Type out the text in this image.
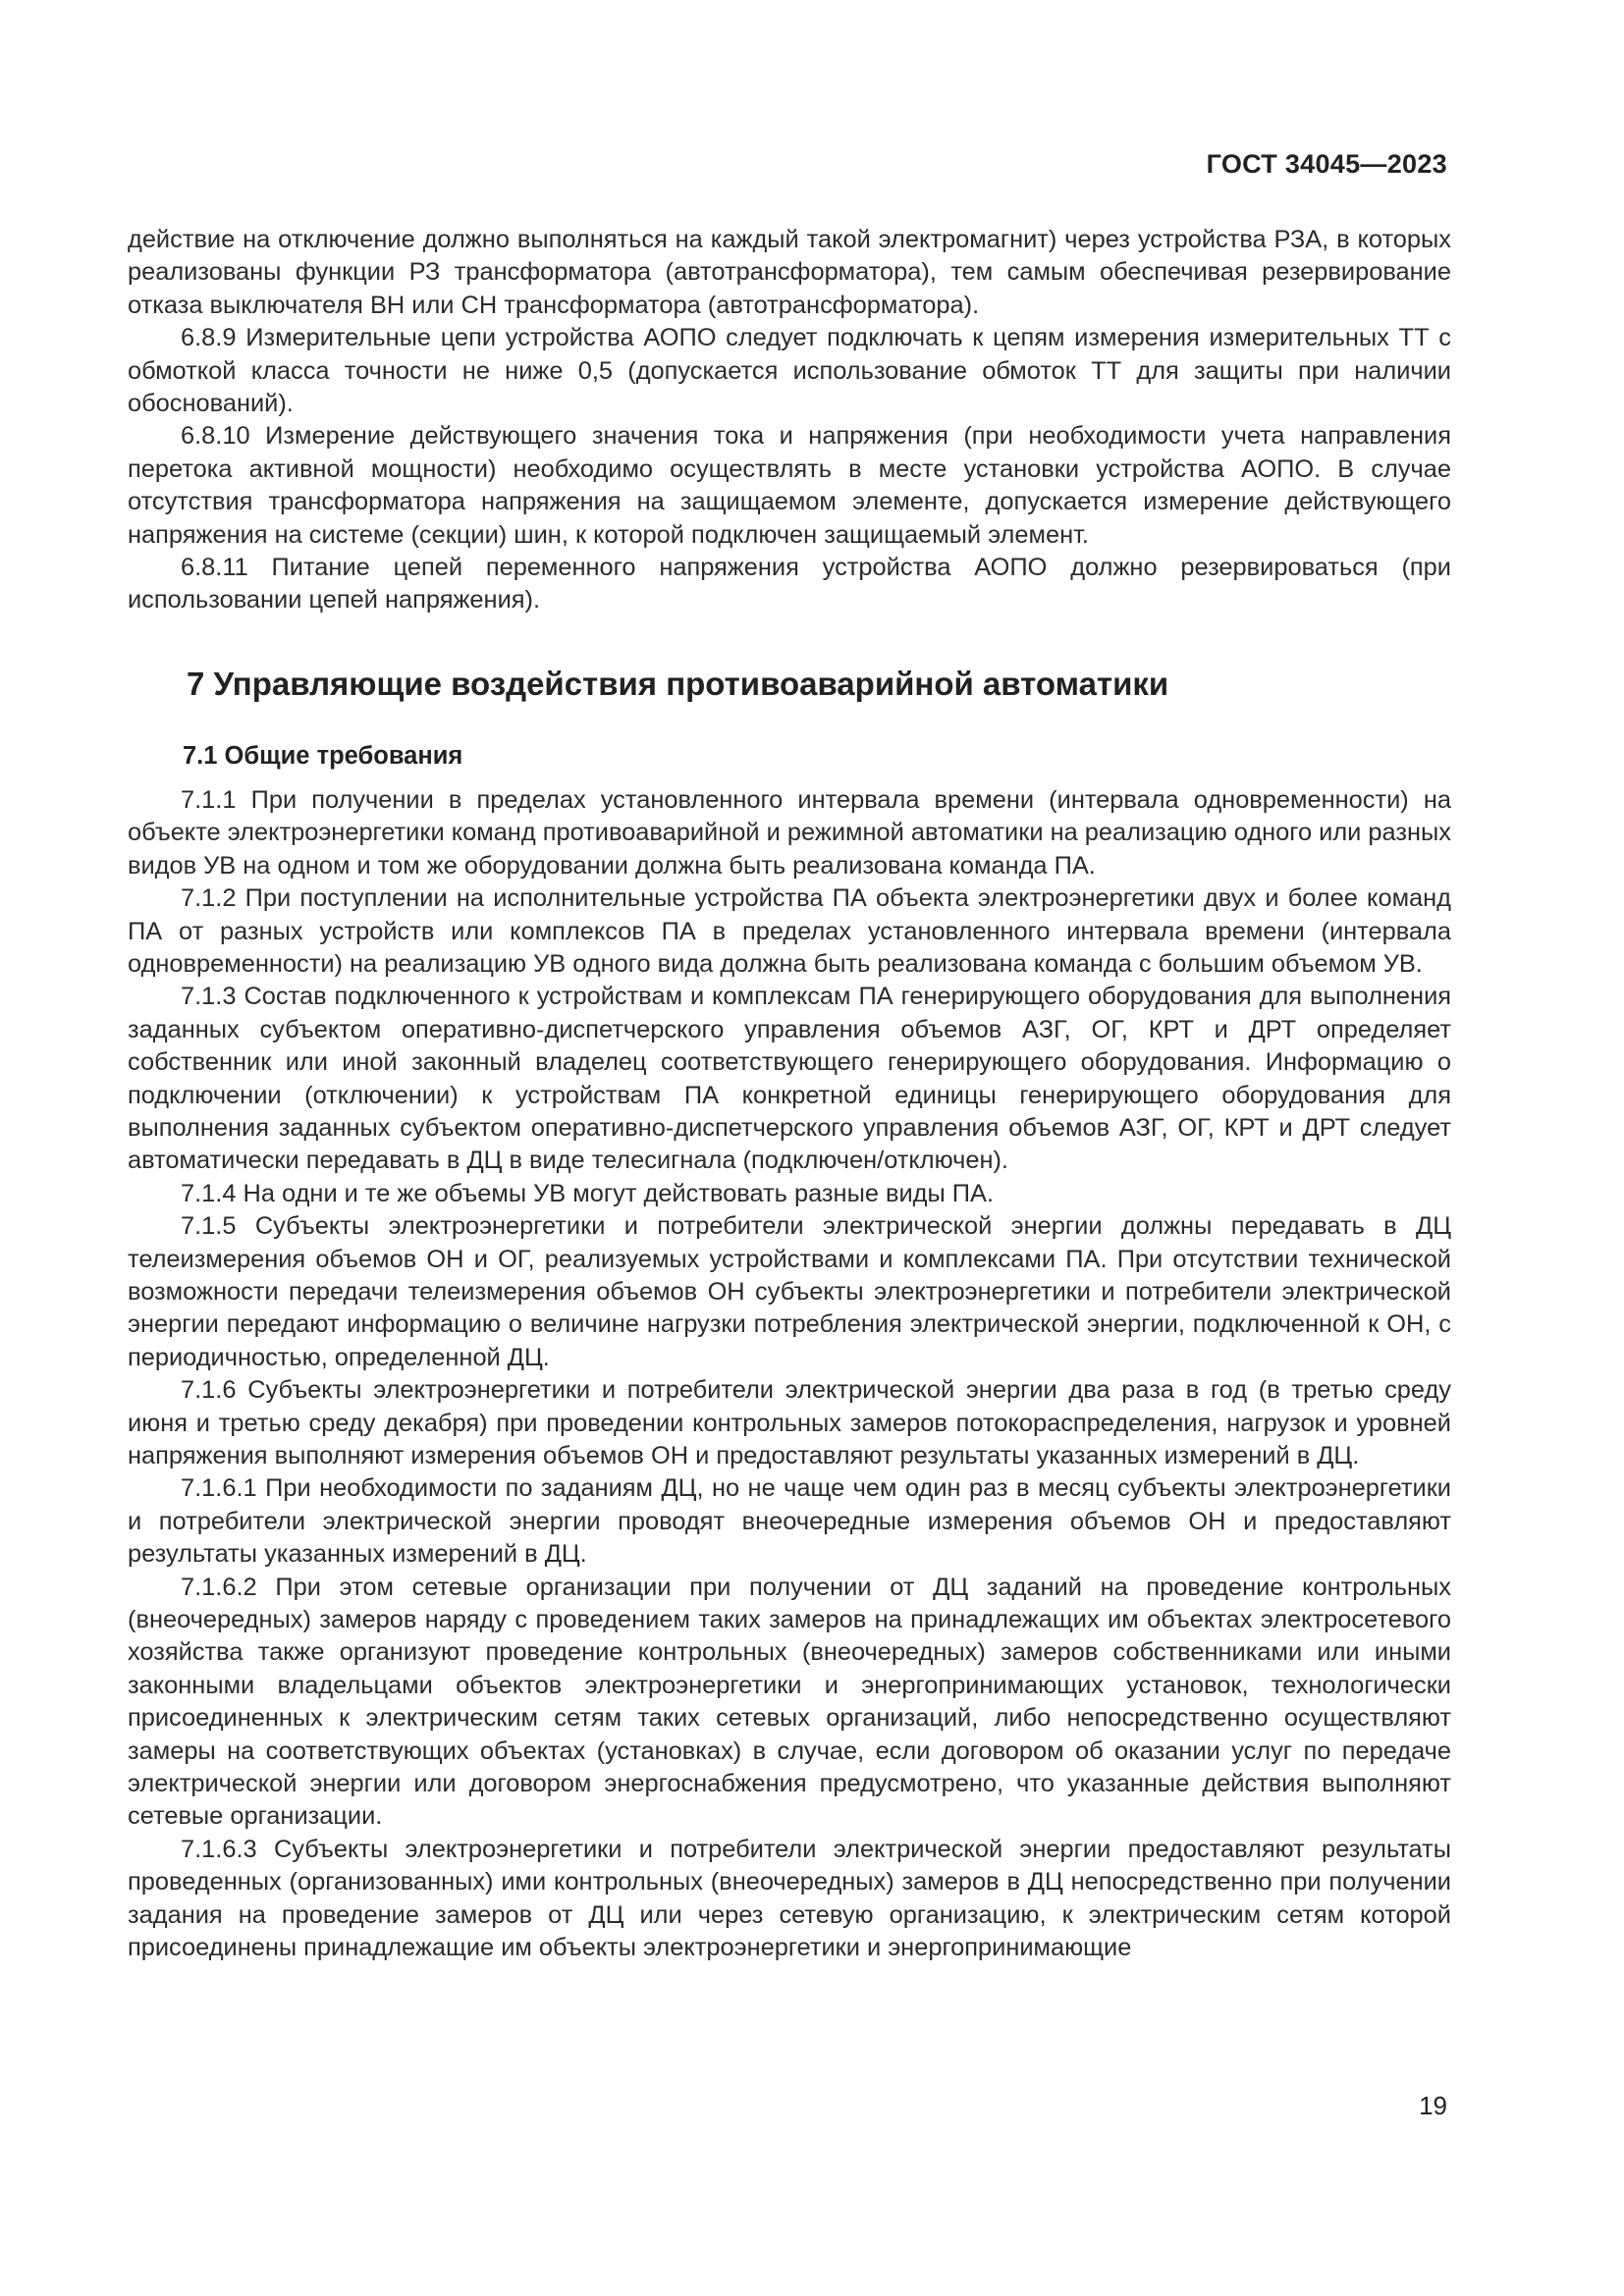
ГОСТ 34045—2023

действие на отключение должно выполняться на каждый такой электромагнит) через устройства РЗА, в которых реализованы функции РЗ трансформатора (автотрансформатора), тем самым обеспечивая резервирование отказа выключателя ВН или СН трансформатора (автотрансформатора).

6.8.9 Измерительные цепи устройства АОПО следует подключать к цепям измерения измерительных ТТ с обмоткой класса точности не ниже 0,5 (допускается использование обмоток ТТ для защиты при наличии обоснований).

6.8.10 Измерение действующего значения тока и напряжения (при необходимости учета направления перетока активной мощности) необходимо осуществлять в месте установки устройства АОПО. В случае отсутствия трансформатора напряжения на защищаемом элементе, допускается измерение действующего напряжения на системе (секции) шин, к которой подключен защищаемый элемент.

6.8.11 Питание цепей переменного напряжения устройства АОПО должно резервироваться (при использовании цепей напряжения).

7 Управляющие воздействия противоаварийной автоматики
7.1 Общие требования

7.1.1 При получении в пределах установленного интервала времени (интервала одновременности) на объекте электроэнергетики команд противоаварийной и режимной автоматики на реализацию одного или разных видов УВ на одном и том же оборудовании должна быть реализована команда ПА.

7.1.2 При поступлении на исполнительные устройства ПА объекта электроэнергетики двух и более команд ПА от разных устройств или комплексов ПА в пределах установленного интервала времени (интервала одновременности) на реализацию УВ одного вида должна быть реализована команда с большим объемом УВ.

7.1.3 Состав подключенного к устройствам и комплексам ПА генерирующего оборудования для выполнения заданных субъектом оперативно-диспетчерского управления объемов АЗГ, ОГ, КРТ и ДРТ определяет собственник или иной законный владелец соответствующего генерирующего оборудования. Информацию о подключении (отключении) к устройствам ПА конкретной единицы генерирующего оборудования для выполнения заданных субъектом оперативно-диспетчерского управления объемов АЗГ, ОГ, КРТ и ДРТ следует автоматически передавать в ДЦ в виде телесигнала (подключен/отключен).

7.1.4 На одни и те же объемы УВ могут действовать разные виды ПА.

7.1.5 Субъекты электроэнергетики и потребители электрической энергии должны передавать в ДЦ телеизмерения объемов ОН и ОГ, реализуемых устройствами и комплексами ПА. При отсутствии технической возможности передачи телеизмерения объемов ОН субъекты электроэнергетики и потребители электрической энергии передают информацию о величине нагрузки потребления электрической энергии, подключенной к ОН, с периодичностью, определенной ДЦ.

7.1.6 Субъекты электроэнергетики и потребители электрической энергии два раза в год (в третью среду июня и третью среду декабря) при проведении контрольных замеров потокораспределения, нагрузок и уровней напряжения выполняют измерения объемов ОН и предоставляют результаты указанных измерений в ДЦ.

7.1.6.1 При необходимости по заданиям ДЦ, но не чаще чем один раз в месяц субъекты электроэнергетики и потребители электрической энергии проводят внеочередные измерения объемов ОН и предоставляют результаты указанных измерений в ДЦ.

7.1.6.2 При этом сетевые организации при получении от ДЦ заданий на проведение контрольных (внеочередных) замеров наряду с проведением таких замеров на принадлежащих им объектах электросетевого хозяйства также организуют проведение контрольных (внеочередных) замеров собственниками или иными законными владельцами объектов электроэнергетики и энергопринимающих установок, технологически присоединенных к электрическим сетям таких сетевых организаций, либо непосредственно осуществляют замеры на соответствующих объектах (установках) в случае, если договором об оказании услуг по передаче электрической энергии или договором энергоснабжения предусмотрено, что указанные действия выполняют сетевые организации.

7.1.6.3 Субъекты электроэнергетики и потребители электрической энергии предоставляют результаты проведенных (организованных) ими контрольных (внеочередных) замеров в ДЦ непосредственно при получении задания на проведение замеров от ДЦ или через сетевую организацию, к электрическим сетям которой присоединены принадлежащие им объекты электроэнергетики и энергопринимающие

19
